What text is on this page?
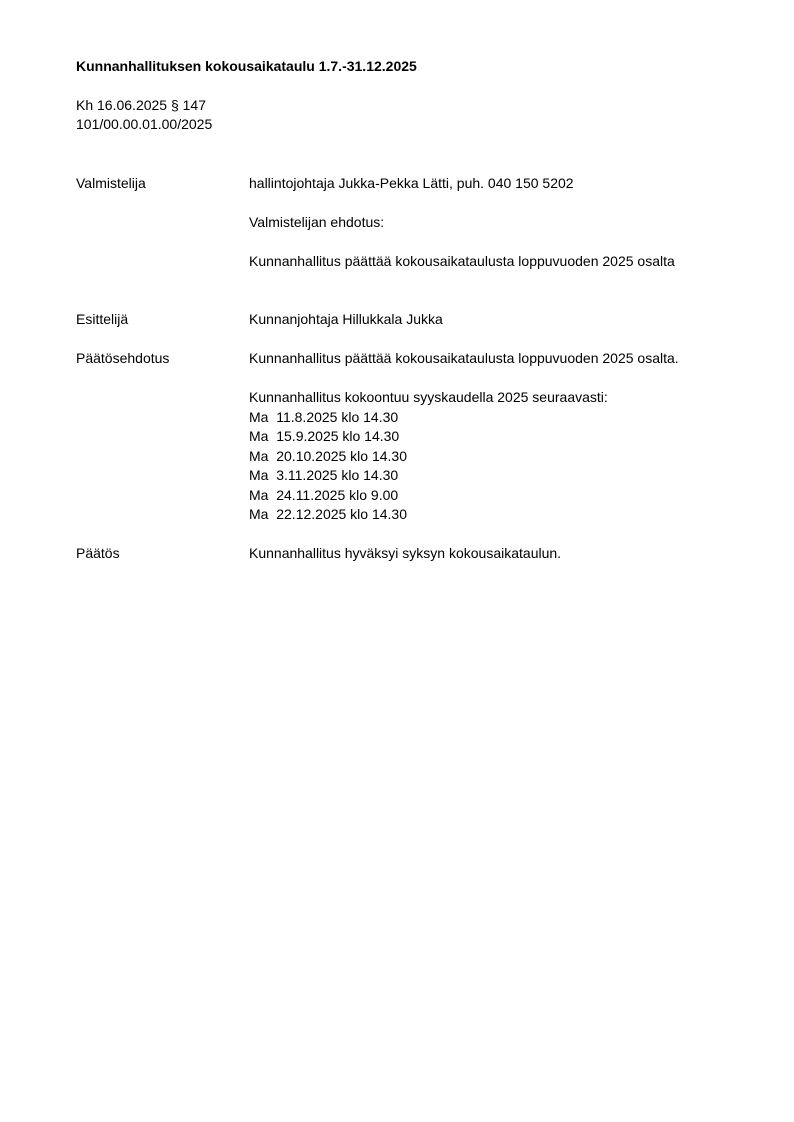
Kunnanhallituksen kokousaikataulu 1.7.-31.12.2025
Kh 16.06.2025 § 147
101/00.00.01.00/2025
Valmistelija	hallintojohtaja Jukka-Pekka Lätti, puh. 040 150 5202
Valmistelijan ehdotus:
Kunnanhallitus päättää kokousaikataulusta loppuvuoden 2025 osalta
Esittelijä	Kunnanjohtaja Hillukkala Jukka
Päätösehdotus	Kunnanhallitus päättää kokousaikataulusta loppuvuoden 2025 osalta.
Kunnanhallitus kokoontuu syyskaudella 2025 seuraavasti:
Ma  11.8.2025 klo 14.30
Ma  15.9.2025 klo 14.30
Ma  20.10.2025 klo 14.30
Ma  3.11.2025 klo 14.30
Ma  24.11.2025 klo 9.00
Ma  22.12.2025 klo 14.30
Päätös	Kunnanhallitus hyväksyi syksyn kokousaikataulun.
